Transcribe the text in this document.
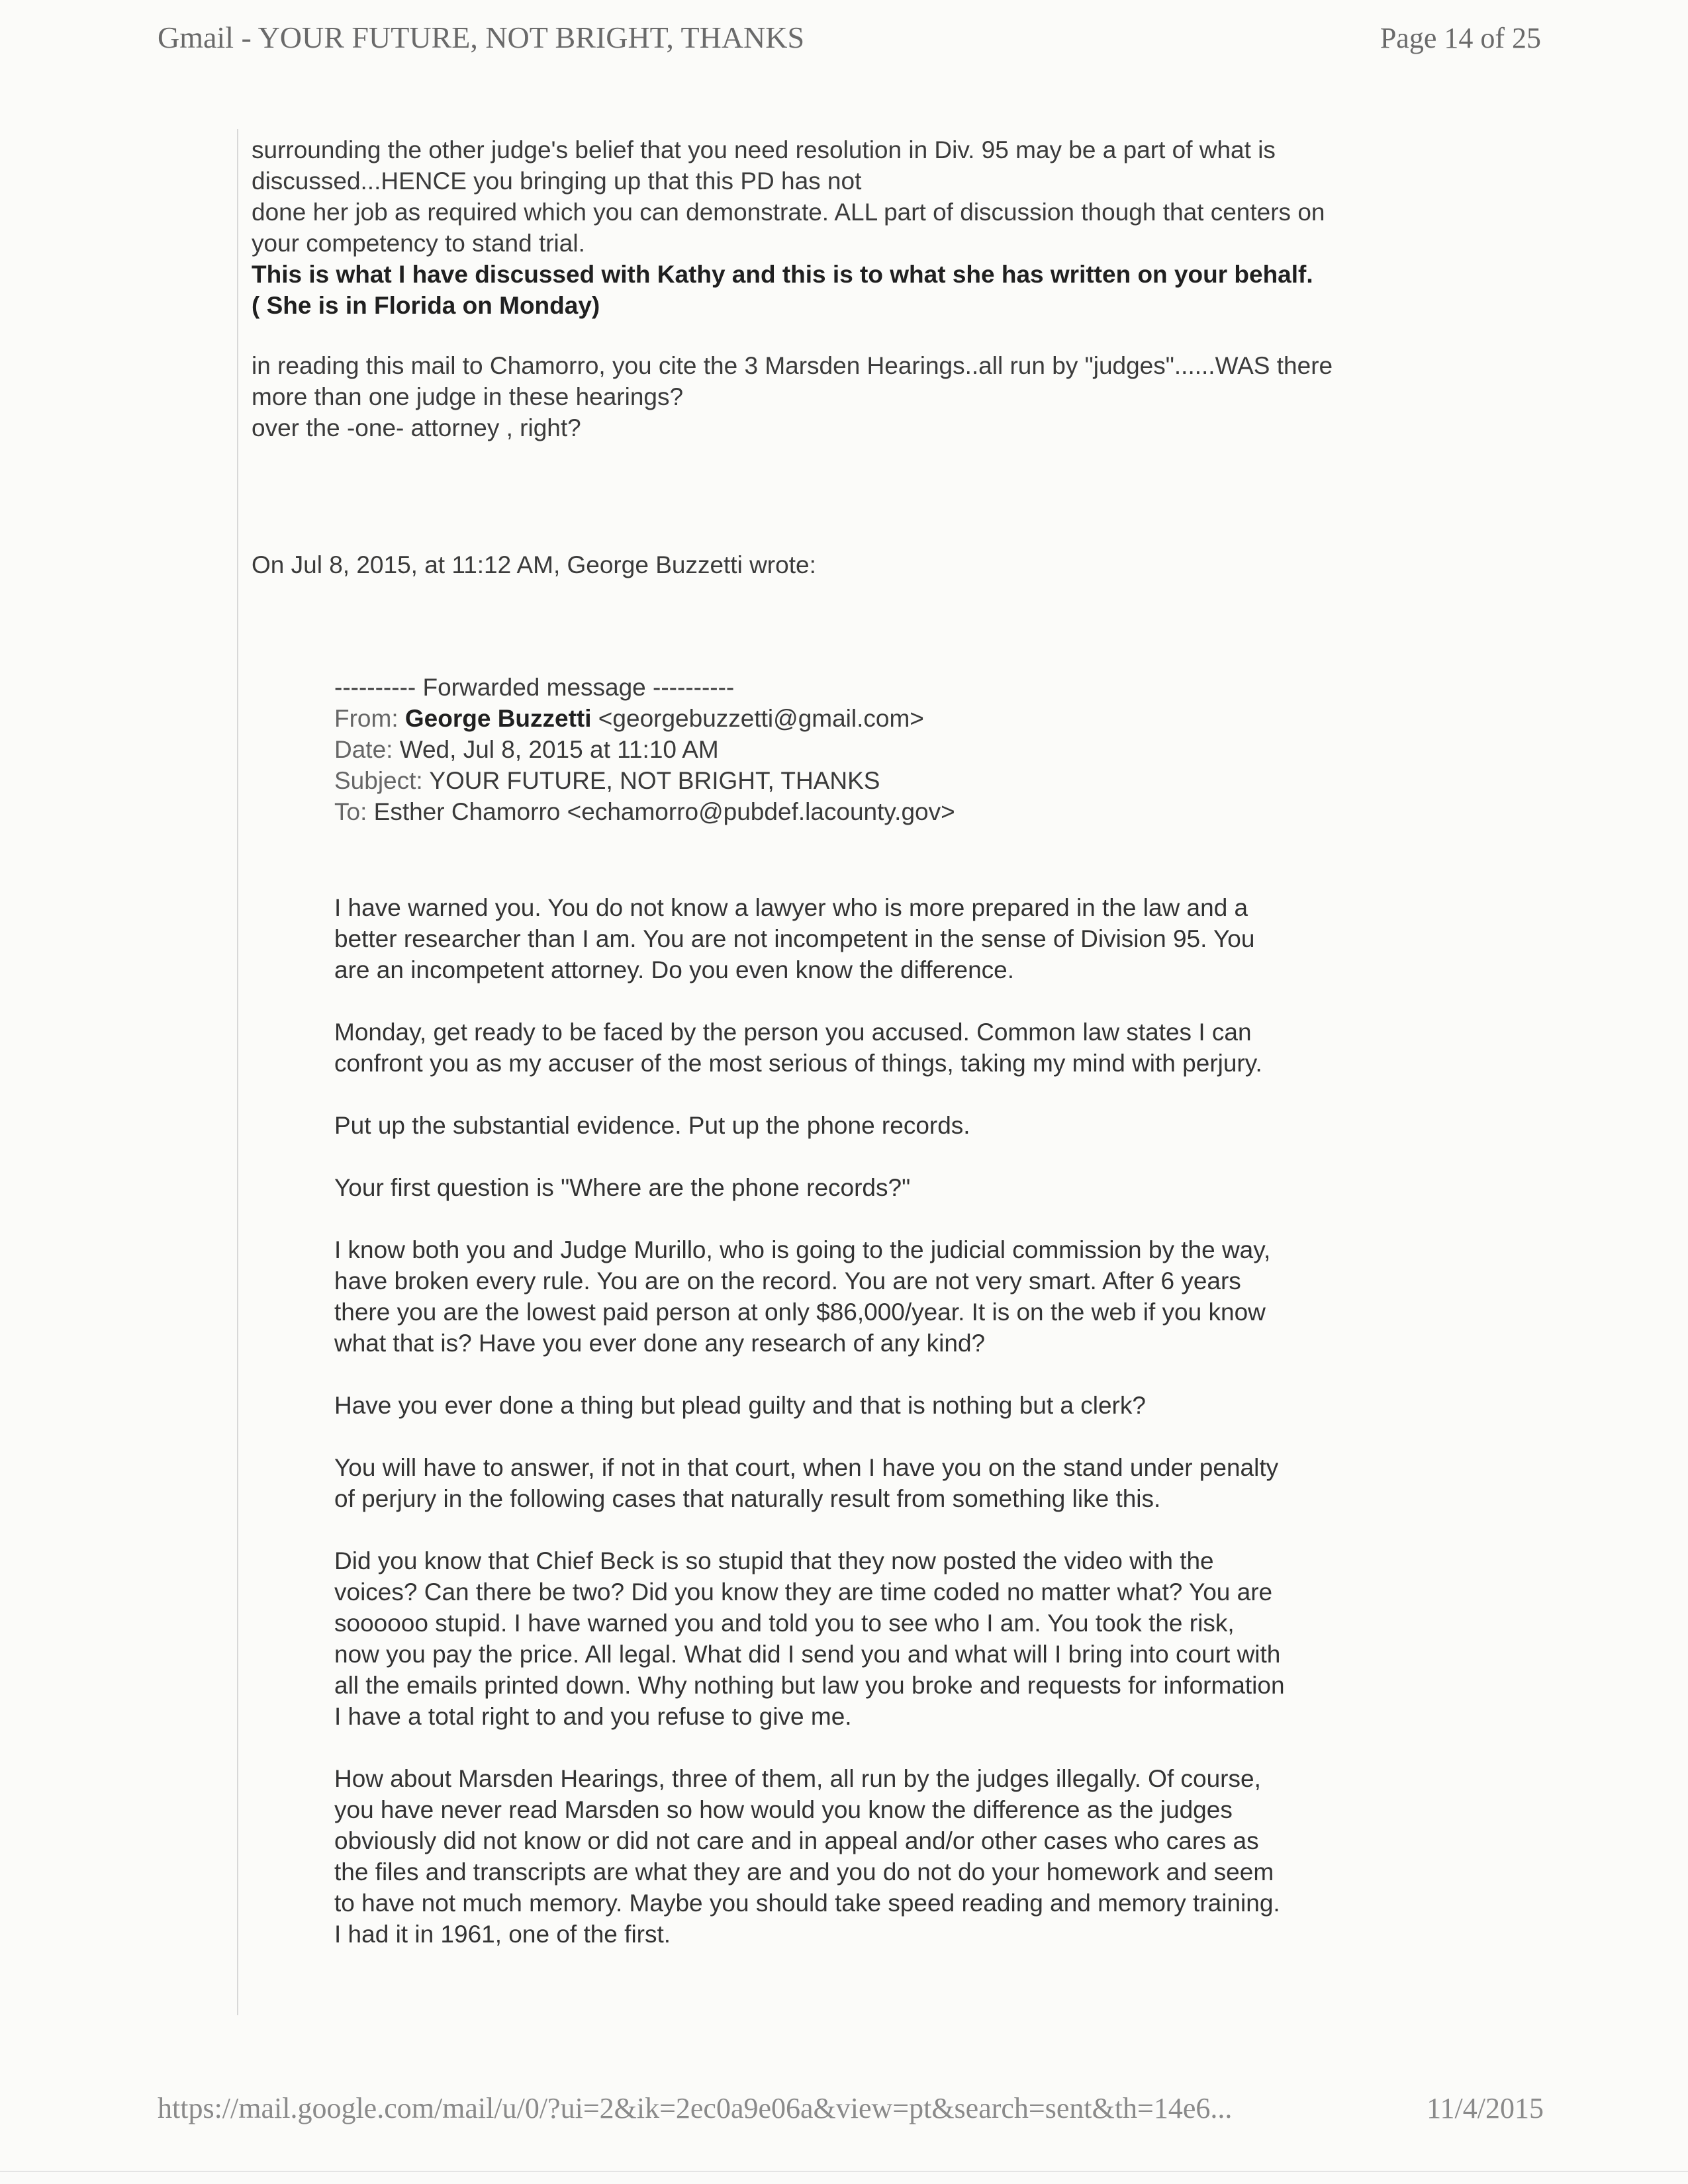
Gmail - YOUR FUTURE, NOT BRIGHT, THANKS	Page 14 of 25
surrounding the other judge's belief that you need resolution in Div. 95 may be a part of what is
discussed...HENCE you bringing up that this PD has not
done her job as required which you can demonstrate. ALL part of discussion though that centers on
your competency to stand trial.
This is what I have discussed with Kathy and this is to what she has written on your behalf.
( She is in Florida on Monday)
in reading this mail to Chamorro, you cite the 3 Marsden Hearings..all run by "judges"......WAS there
more than one judge in these hearings?
over the -one- attorney , right?
On Jul 8, 2015, at 11:12 AM, George Buzzetti wrote:
---------- Forwarded message ----------
From: George Buzzetti <georgebuzzetti@gmail.com>
Date: Wed, Jul 8, 2015 at 11:10 AM
Subject: YOUR FUTURE, NOT BRIGHT, THANKS
To: Esther Chamorro <echamorro@pubdef.lacounty.gov>
I have warned you. You do not know a lawyer who is more prepared in the law and a
better researcher than I am. You are not incompetent in the sense of Division 95. You
are an incompetent attorney. Do you even know the difference.
Monday, get ready to be faced by the person you accused. Common law states I can
confront you as my accuser of the most serious of things, taking my mind with perjury.
Put up the substantial evidence. Put up the phone records.
Your first question is "Where are the phone records?"
I know both you and Judge Murillo, who is going to the judicial commission by the way,
have broken every rule. You are on the record. You are not very smart. After 6 years
there you are the lowest paid person at only $86,000/year. It is on the web if you know
what that is? Have you ever done any research of any kind?
Have you ever done a thing but plead guilty and that is nothing but a clerk?
You will have to answer, if not in that court, when I have you on the stand under penalty
of perjury in the following cases that naturally result from something like this.
Did you know that Chief Beck is so stupid that they now posted the video with the
voices? Can there be two? Did you know they are time coded no matter what? You are
soooooo stupid. I have warned you and told you to see who I am. You took the risk,
now you pay the price. All legal. What did I send you and what will I bring into court with
all the emails printed down. Why nothing but law you broke and requests for information
I have a total right to and you refuse to give me.
How about Marsden Hearings, three of them, all run by the judges illegally. Of course,
you have never read Marsden so how would you know the difference as the judges
obviously did not know or did not care and in appeal and/or other cases who cares as
the files and transcripts are what they are and you do not do your homework and seem
to have not much memory. Maybe you should take speed reading and memory training.
I had it in 1961, one of the first.
https://mail.google.com/mail/u/0/?ui=2&ik=2ec0a9e06a&view=pt&search=sent&th=14e6...	11/4/2015
